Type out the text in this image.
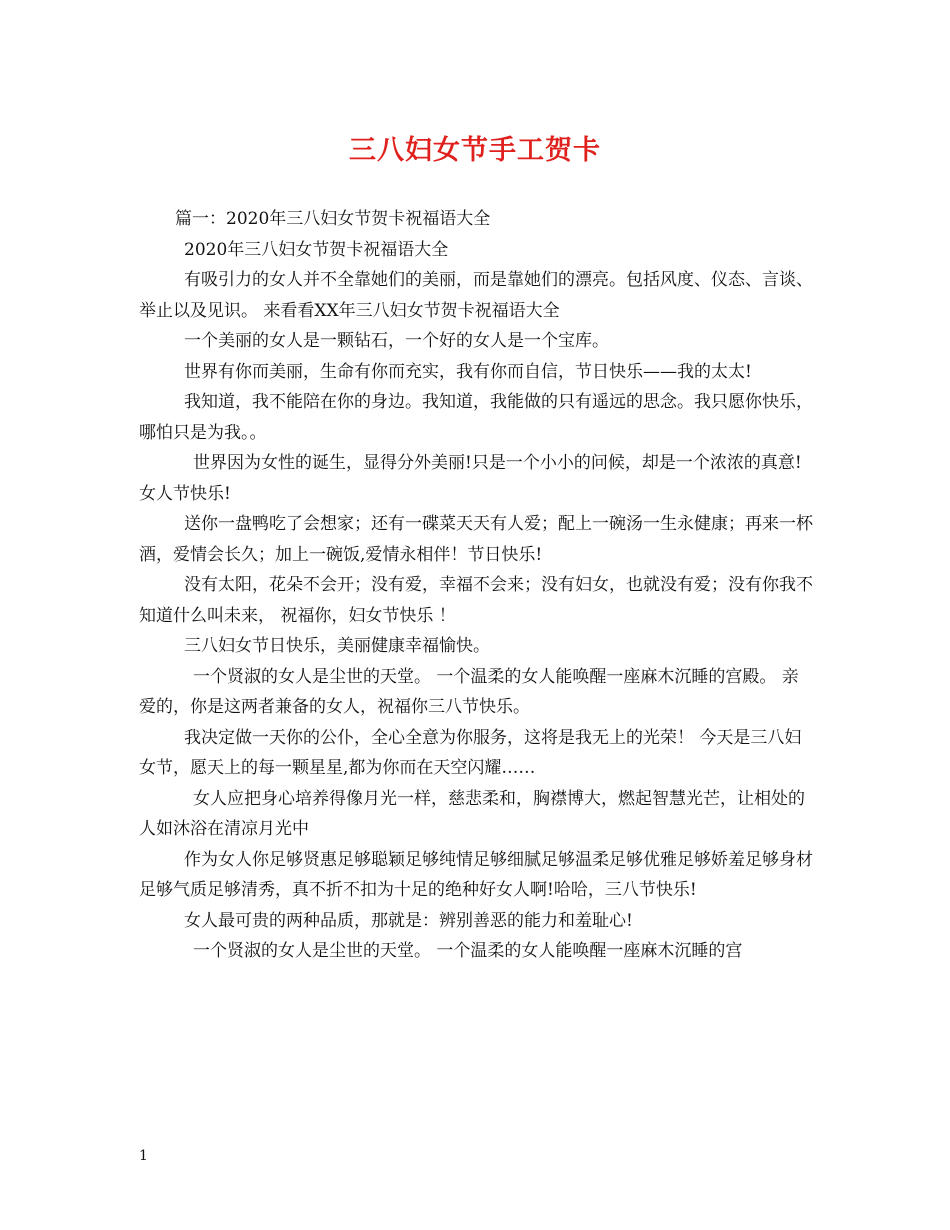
三八妇女节手工贺卡

篇一：2020年三八妇女节贺卡祝福语大全

2020年三八妇女节贺卡祝福语大全

有吸引力的女人并不全靠她们的美丽，而是靠她们的漂亮。包括风度、仪态、言谈、举止以及见识。 来看看XX年三八妇女节贺卡祝福语大全

一个美丽的女人是一颗钻石，一个好的女人是一个宝库。

世界有你而美丽，生命有你而充实，我有你而自信，节日快乐——我的太太!

我知道，我不能陪在你的身边。我知道，我能做的只有遥远的思念。我只愿你快乐，哪怕只是为我。。

世界因为女性的诞生，显得分外美丽!只是一个小小的问候，却是一个浓浓的真意!女人节快乐!

送你一盘鸭吃了会想家；还有一碟菜天天有人爱；配上一碗汤一生永健康；再来一杯酒，爱情会长久；加上一碗饭,爱情永相伴！节日快乐!

没有太阳，花朵不会开；没有爱，幸福不会来；没有妇女，也就没有爱；没有你我不知道什么叫未来， 祝福你，妇女节快乐 ！

三八妇女节日快乐，美丽健康幸福愉快。

一个贤淑的女人是尘世的天堂。 一个温柔的女人能唤醒一座麻木沉睡的宫殿。 亲爱的，你是这两者兼备的女人，祝福你三八节快乐。

我决定做一天你的公仆，全心全意为你服务，这将是我无上的光荣！ 今天是三八妇女节，愿天上的每一颗星星,都为你而在天空闪耀……

女人应把身心培养得像月光一样，慈悲柔和，胸襟博大，燃起智慧光芒，让相处的人如沐浴在清凉月光中

作为女人你足够贤惠足够聪颖足够纯情足够细腻足够温柔足够优雅足够娇羞足够身材足够气质足够清秀，真不折不扣为十足的绝种好女人啊!哈哈，三八节快乐!

女人最可贵的两种品质，那就是：辨别善恶的能力和羞耻心!

一个贤淑的女人是尘世的天堂。 一个温柔的女人能唤醒一座麻木沉睡的宫

1
